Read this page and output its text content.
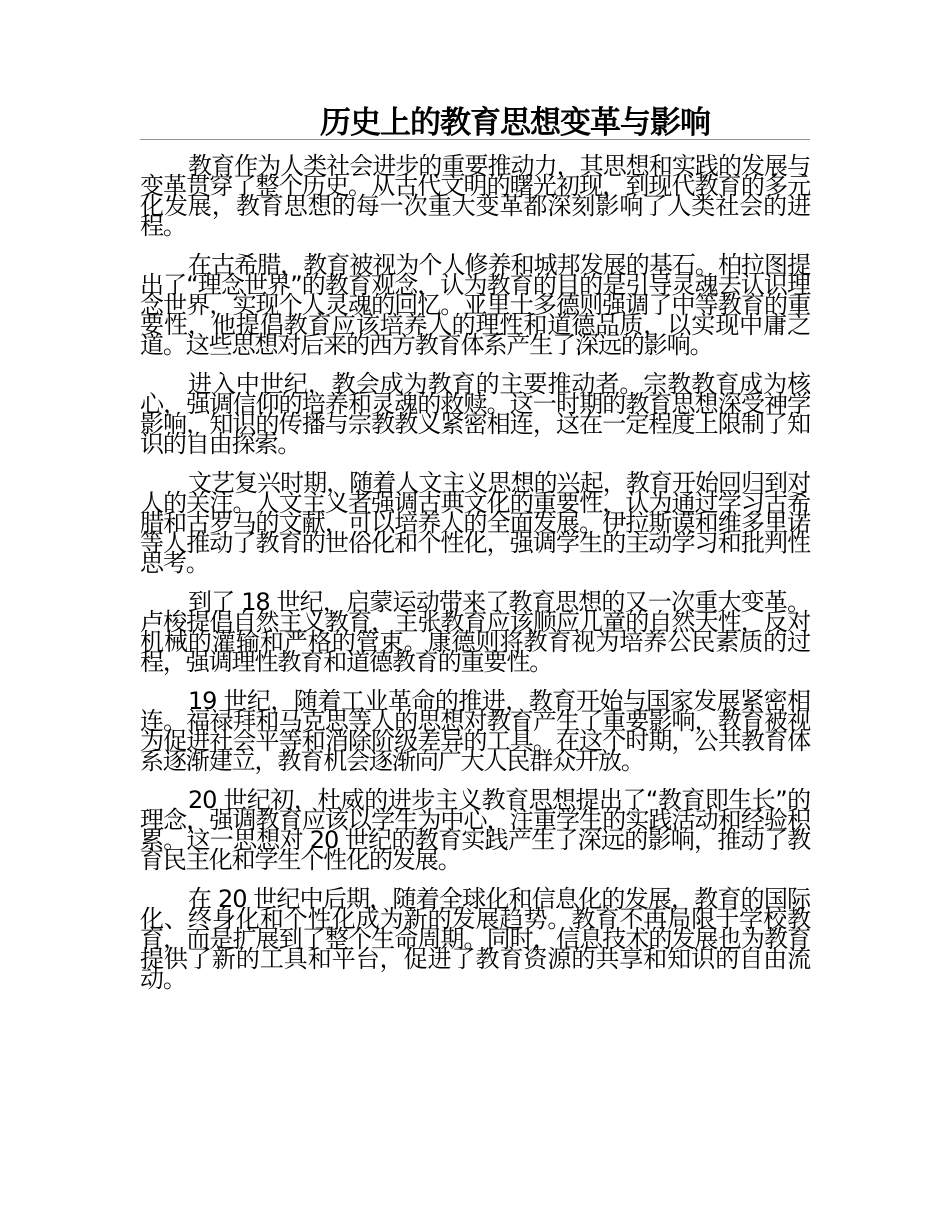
历史上的教育思想变革与影响

教育作为人类社会进步的重要推动力，其思想和实践的发展与变革贯穿了整个历史。从古代文明的曙光初现，到现代教育的多元化发展，教育思想的每一次重大变革都深刻影响了人类社会的进程。

在古希腊，教育被视为个人修养和城邦发展的基石。柏拉图提出了“理念世界”的教育观念，认为教育的目的是引导灵魂去认识理念世界，实现个人灵魂的回忆。亚里士多德则强调了中等教育的重要性，他提倡教育应该培养人的理性和道德品质，以实现中庸之道。这些思想对后来的西方教育体系产生了深远的影响。

进入中世纪，教会成为教育的主要推动者。宗教教育成为核心，强调信仰的培养和灵魂的救赎。这一时期的教育思想深受神学影响，知识的传播与宗教教义紧密相连，这在一定程度上限制了知识的自由探索。

文艺复兴时期，随着人文主义思想的兴起，教育开始回归到对人的关注。人文主义者强调古典文化的重要性，认为通过学习古希腊和古罗马的文献，可以培养人的全面发展。伊拉斯谟和维多里诺等人推动了教育的世俗化和个性化，强调学生的主动学习和批判性思考。

到了 18 世纪，启蒙运动带来了教育思想的又一次重大变革。卢梭提倡自然主义教育，主张教育应该顺应儿童的自然天性，反对机械的灌输和严格的管束。康德则将教育视为培养公民素质的过程，强调理性教育和道德教育的重要性。

19 世纪，随着工业革命的推进，教育开始与国家发展紧密相连。福禄拜和马克思等人的思想对教育产生了重要影响，教育被视为促进社会平等和消除阶级差异的工具。在这个时期，公共教育体系逐渐建立，教育机会逐渐向广大人民群众开放。

20 世纪初，杜威的进步主义教育思想提出了“教育即生长”的理念，强调教育应该以学生为中心，注重学生的实践活动和经验积累。这一思想对 20 世纪的教育实践产生了深远的影响，推动了教育民主化和学生个性化的发展。

在 20 世纪中后期，随着全球化和信息化的发展，教育的国际化、终身化和个性化成为新的发展趋势。教育不再局限于学校教育，而是扩展到了整个生命周期。同时，信息技术的发展也为教育提供了新的工具和平台，促进了教育资源的共享和知识的自由流动。
